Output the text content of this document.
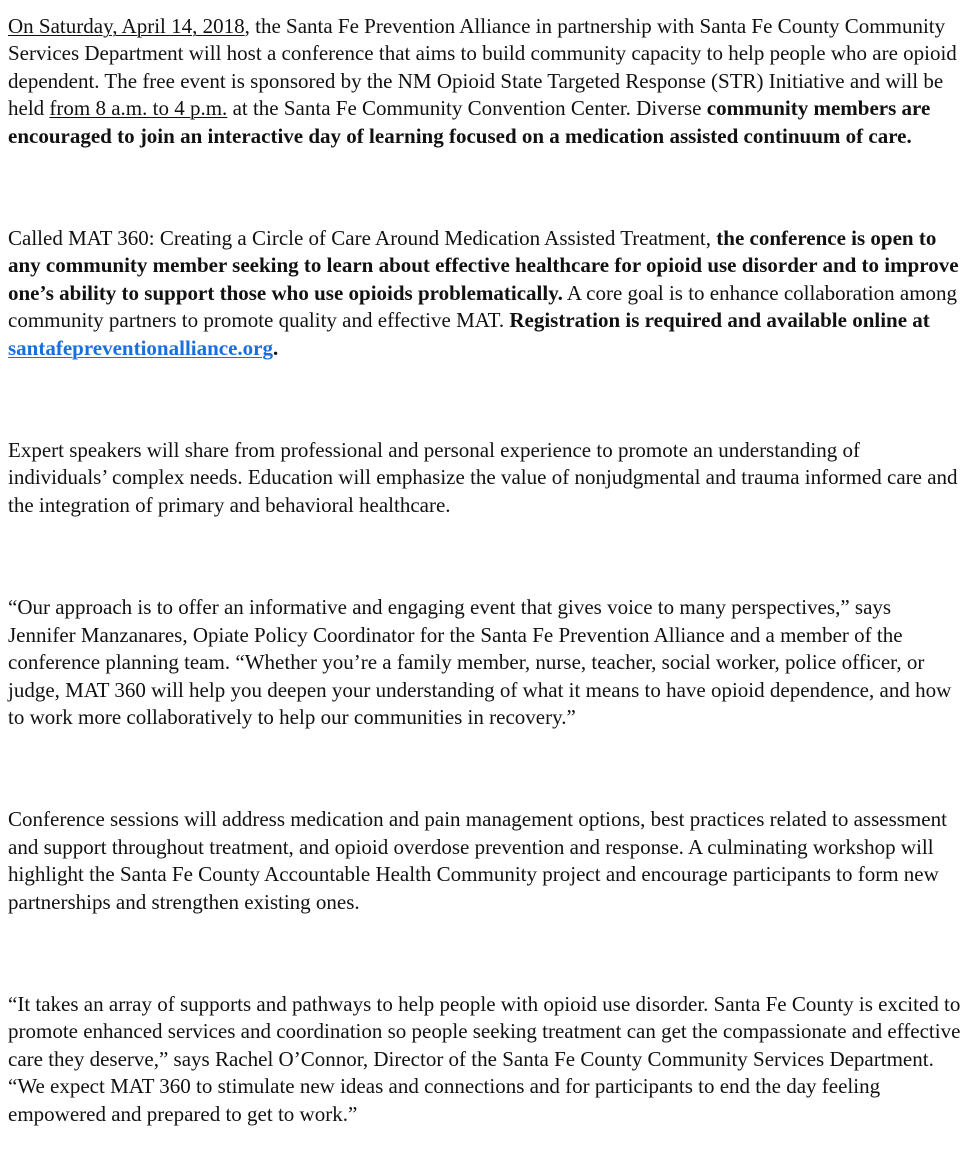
On Saturday, April 14, 2018, the Santa Fe Prevention Alliance in partnership with Santa Fe County Community Services Department will host a conference that aims to build community capacity to help people who are opioid dependent. The free event is sponsored by the NM Opioid State Targeted Response (STR) Initiative and will be held from 8 a.m. to 4 p.m. at the Santa Fe Community Convention Center. Diverse community members are encouraged to join an interactive day of learning focused on a medication assisted continuum of care.

Called MAT 360: Creating a Circle of Care Around Medication Assisted Treatment, the conference is open to any community member seeking to learn about effective healthcare for opioid use disorder and to improve one’s ability to support those who use opioids problematically. A core goal is to enhance collaboration among community partners to promote quality and effective MAT. Registration is required and available online at santafepreventionalliance.org.

Expert speakers will share from professional and personal experience to promote an understanding of individuals’ complex needs. Education will emphasize the value of nonjudgmental and trauma informed care and the integration of primary and behavioral healthcare.

“Our approach is to offer an informative and engaging event that gives voice to many perspectives,” says Jennifer Manzanares, Opiate Policy Coordinator for the Santa Fe Prevention Alliance and a member of the conference planning team. “Whether you’re a family member, nurse, teacher, social worker, police officer, or judge, MAT 360 will help you deepen your understanding of what it means to have opioid dependence, and how to work more collaboratively to help our communities in recovery.”

Conference sessions will address medication and pain management options, best practices related to assessment and support throughout treatment, and opioid overdose prevention and response. A culminating workshop will highlight the Santa Fe County Accountable Health Community project and encourage participants to form new partnerships and strengthen existing ones.

“It takes an array of supports and pathways to help people with opioid use disorder. Santa Fe County is excited to promote enhanced services and coordination so people seeking treatment can get the compassionate and effective care they deserve,” says Rachel O’Connor, Director of the Santa Fe County Community Services Department. “We expect MAT 360 to stimulate new ideas and connections and for participants to end the day feeling empowered and prepared to get to work.”
